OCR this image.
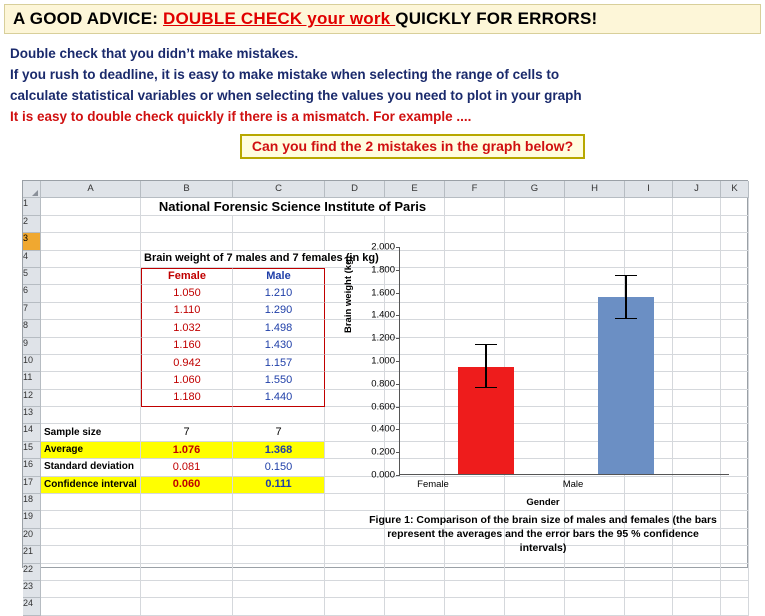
A GOOD ADVICE: DOUBLE CHECK your work QUICKLY FOR ERRORS!
Double check that you didn’t make mistakes.
If you rush to deadline, it is easy to make mistake when selecting the range of cells to
calculate statistical variables or when selecting the values you need to plot in your graph
It is easy to double check quickly if there is a mismatch. For example ....
Can you find the 2 mistakes in the graph below?
A	B	C	D	E	F	G	H	I	J	K
1	National Forensic Science Institute of Paris
2
3
4	Brain weight of 7 males and 7 females (in kg)
5	Female	Male
6	1.050	1.210
7	1.110	1.290
8	1.032	1.498
9	1.160	1.430
10	0.942	1.157
11	1.060	1.550
12	1.180	1.440
13
14	Sample size	7	7
15	Average	1.076	1.368
16	Standard deviation	0.081	0.150
17	Confidence interval	0.060	0.111
18
19
20
21
22
23
24
Brain weight (kg)
0.000
0.200
0.400
0.600
0.800
1.000
1.200
1.400
1.600
1.800
2.000
Female	Male
Gender
Figure 1: Comparison of the brain size of males and females (the bars represent the averages and the error bars the 95 % confidence intervals)
